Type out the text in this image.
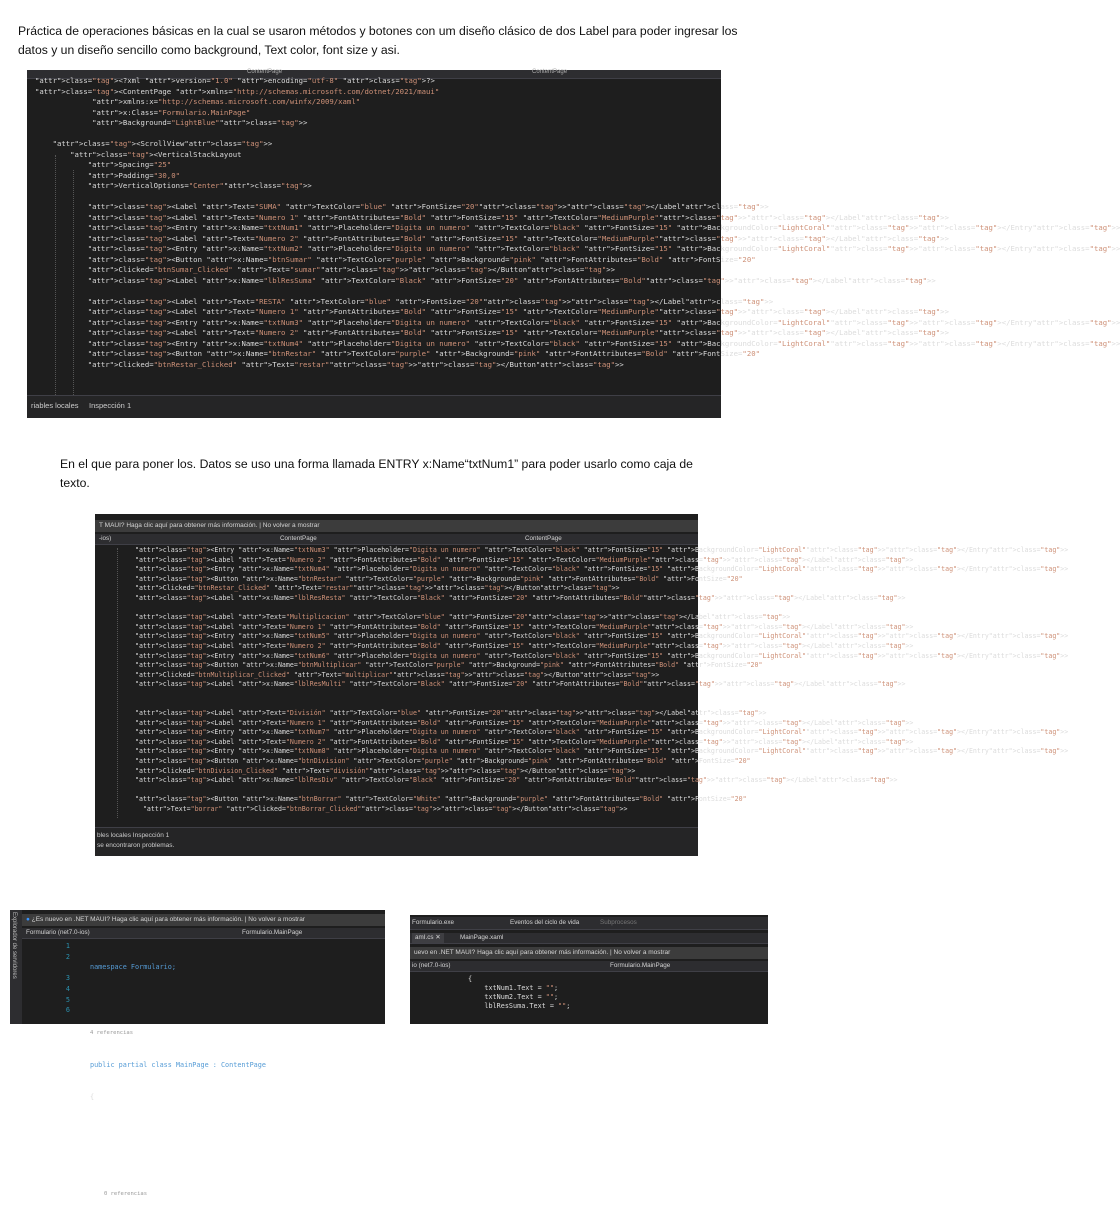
Práctica de operaciones básicas en la cual se usaron métodos y botones con um diseño clásico de dos Label para poder ingresar los datos y un diseño sencillo como background, Text color, font size y asi.

En el que para poner los. Datos se uso una forma llamada ENTRY x:Name“txtNum1” para poder usarlo como caja de texto.

ContentPage	ContentPage
"attr">class="tag"><?xml "attr">version="1.0" "attr">encoding="utf-8" "attr">class="tag">?>
"attr">class="tag"><ContentPage "attr">xmlns="http://schemas.microsoft.com/dotnet/2021/maui"
"attr">xmlns:x="http://schemas.microsoft.com/winfx/2009/xaml"
"attr">x:Class="Formulario.MainPage"
"attr">Background="LightBlue""attr">class="tag">>

"attr">class="tag"><ScrollView"attr">class="tag">>
"attr">class="tag"><VerticalStackLayout
"attr">Spacing="25"
"attr">Padding="30,0"
"attr">VerticalOptions="Center""attr">class="tag">>

"attr">class="tag"><Label "attr">Text="SUMA" "attr">TextColor="blue" "attr">FontSize="20""attr">class="tag">>"attr">class="tag"></Label"attr">class="tag">>
"attr">class="tag"><Label "attr">Text="Numero 1" "attr">FontAttributes="Bold" "attr">FontSize="15" "attr">TextColor="MediumPurple""attr">class="tag">>"attr">class="tag"></Label"attr">class="tag">>
"attr">class="tag"><Entry "attr">x:Name="txtNum1" "attr">Placeholder="Digita un numero" "attr">TextColor="black" "attr">FontSize="15" "attr">BackgroundColor="LightCoral""attr">class="tag">>"attr">class="tag"></Entry"attr">class="tag">>
"attr">class="tag"><Label "attr">Text="Numero 2" "attr">FontAttributes="Bold" "attr">FontSize="15" "attr">TextColor="MediumPurple""attr">class="tag">>"attr">class="tag"></Label"attr">class="tag">>
"attr">class="tag"><Entry "attr">x:Name="txtNum2" "attr">Placeholder="Digita un numero" "attr">TextColor="black" "attr">FontSize="15" "attr">BackgroundColor="LightCoral""attr">class="tag">>"attr">class="tag"></Entry"attr">class="tag">>
"attr">class="tag"><Button "attr">x:Name="btnSumar" "attr">TextColor="purple" "attr">Background="pink" "attr">FontAttributes="Bold" "attr">FontSize="20"
"attr">Clicked="btnSumar_Clicked" "attr">Text="sumar""attr">class="tag">>"attr">class="tag"></Button"attr">class="tag">>
"attr">class="tag"><Label "attr">x:Name="lblResSuma" "attr">TextColor="Black" "attr">FontSize="20" "attr">FontAttributes="Bold""attr">class="tag">>"attr">class="tag"></Label"attr">class="tag">>

"attr">class="tag"><Label "attr">Text="RESTA" "attr">TextColor="blue" "attr">FontSize="20""attr">class="tag">>"attr">class="tag"></Label"attr">class="tag">>
"attr">class="tag"><Label "attr">Text="Numero 1" "attr">FontAttributes="Bold" "attr">FontSize="15" "attr">TextColor="MediumPurple""attr">class="tag">>"attr">class="tag"></Label"attr">class="tag">>
"attr">class="tag"><Entry "attr">x:Name="txtNum3" "attr">Placeholder="Digita un numero" "attr">TextColor="black" "attr">FontSize="15" "attr">BackgroundColor="LightCoral""attr">class="tag">>"attr">class="tag"></Entry"attr">class="tag">>
"attr">class="tag"><Label "attr">Text="Numero 2" "attr">FontAttributes="Bold" "attr">FontSize="15" "attr">TextColor="MediumPurple""attr">class="tag">>"attr">class="tag"></Label"attr">class="tag">>
"attr">class="tag"><Entry "attr">x:Name="txtNum4" "attr">Placeholder="Digita un numero" "attr">TextColor="black" "attr">FontSize="15" "attr">BackgroundColor="LightCoral""attr">class="tag">>"attr">class="tag"></Entry"attr">class="tag">>
"attr">class="tag"><Button "attr">x:Name="btnRestar" "attr">TextColor="purple" "attr">Background="pink" "attr">FontAttributes="Bold" "attr">FontSize="20"
"attr">Clicked="btnRestar_Clicked" "attr">Text="restar""attr">class="tag">>"attr">class="tag"></Button"attr">class="tag">>
riables locales Inspección 1
T MAUI? Haga clic aquí para obtener más información. | No volver a mostrar
-ios)	ContentPage	ContentPage
"attr">class="tag"><Entry "attr">x:Name="txtNum3" "attr">Placeholder="Digita un numero" "attr">TextColor="black" "attr">FontSize="15" "attr">BackgroundColor="LightCoral""attr">class="tag">>"attr">class="tag"></Entry"attr">class="tag">>
"attr">class="tag"><Label "attr">Text="Numero 2" "attr">FontAttributes="Bold" "attr">FontSize="15" "attr">TextColor="MediumPurple""attr">class="tag">>"attr">class="tag"></Label"attr">class="tag">>
"attr">class="tag"><Entry "attr">x:Name="txtNum4" "attr">Placeholder="Digita un numero" "attr">TextColor="black" "attr">FontSize="15" "attr">BackgroundColor="LightCoral""attr">class="tag">>"attr">class="tag"></Entry"attr">class="tag">>
"attr">class="tag"><Button "attr">x:Name="btnRestar" "attr">TextColor="purple" "attr">Background="pink" "attr">FontAttributes="Bold" "attr">FontSize="20"
"attr">Clicked="btnRestar_Clicked" "attr">Text="restar""attr">class="tag">>"attr">class="tag"></Button"attr">class="tag">>
"attr">class="tag"><Label "attr">x:Name="lblResResta" "attr">TextColor="Black" "attr">FontSize="20" "attr">FontAttributes="Bold""attr">class="tag">>"attr">class="tag"></Label"attr">class="tag">>

"attr">class="tag"><Label "attr">Text="Multiplicacion" "attr">TextColor="blue" "attr">FontSize="20""attr">class="tag">>"attr">class="tag"></Label"attr">class="tag">>
"attr">class="tag"><Label "attr">Text="Numero 1" "attr">FontAttributes="Bold" "attr">FontSize="15" "attr">TextColor="MediumPurple""attr">class="tag">>"attr">class="tag"></Label"attr">class="tag">>
"attr">class="tag"><Entry "attr">x:Name="txtNum5" "attr">Placeholder="Digita un numero" "attr">TextColor="black" "attr">FontSize="15" "attr">BackgroundColor="LightCoral""attr">class="tag">>"attr">class="tag"></Entry"attr">class="tag">>
"attr">class="tag"><Label "attr">Text="Numero 2" "attr">FontAttributes="Bold" "attr">FontSize="15" "attr">TextColor="MediumPurple""attr">class="tag">>"attr">class="tag"></Label"attr">class="tag">>
"attr">class="tag"><Entry "attr">x:Name="txtNum6" "attr">Placeholder="Digita un numero" "attr">TextColor="black" "attr">FontSize="15" "attr">BackgroundColor="LightCoral""attr">class="tag">>"attr">class="tag"></Entry"attr">class="tag">>
"attr">class="tag"><Button "attr">x:Name="btnMultiplicar" "attr">TextColor="purple" "attr">Background="pink" "attr">FontAttributes="Bold" "attr">FontSize="20"
"attr">Clicked="btnMultiplicar_Clicked" "attr">Text="multiplicar""attr">class="tag">>"attr">class="tag"></Button"attr">class="tag">>
"attr">class="tag"><Label "attr">x:Name="lblResMulti" "attr">TextColor="Black" "attr">FontSize="20" "attr">FontAttributes="Bold""attr">class="tag">>"attr">class="tag"></Label"attr">class="tag">>

"attr">class="tag"><Label "attr">Text="División" "attr">TextColor="blue" "attr">FontSize="20""attr">class="tag">>"attr">class="tag"></Label"attr">class="tag">>
"attr">class="tag"><Label "attr">Text="Numero 1" "attr">FontAttributes="Bold" "attr">FontSize="15" "attr">TextColor="MediumPurple""attr">class="tag">>"attr">class="tag"></Label"attr">class="tag">>
"attr">class="tag"><Entry "attr">x:Name="txtNum7" "attr">Placeholder="Digita un numero" "attr">TextColor="black" "attr">FontSize="15" "attr">BackgroundColor="LightCoral""attr">class="tag">>"attr">class="tag"></Entry"attr">class="tag">>
"attr">class="tag"><Label "attr">Text="Numero 2" "attr">FontAttributes="Bold" "attr">FontSize="15" "attr">TextColor="MediumPurple""attr">class="tag">>"attr">class="tag"></Label"attr">class="tag">>
"attr">class="tag"><Entry "attr">x:Name="txtNum8" "attr">Placeholder="Digita un numero" "attr">TextColor="black" "attr">FontSize="15" "attr">BackgroundColor="LightCoral""attr">class="tag">>"attr">class="tag"></Entry"attr">class="tag">>
"attr">class="tag"><Button "attr">x:Name="btnDivision" "attr">TextColor="purple" "attr">Background="pink" "attr">FontAttributes="Bold" "attr">FontSize="20"
"attr">Clicked="btnDivision_Clicked" "attr">Text="división""attr">class="tag">>"attr">class="tag"></Button"attr">class="tag">>
"attr">class="tag"><Label "attr">x:Name="lblResDiv" "attr">TextColor="Black" "attr">FontSize="20" "attr">FontAttributes="Bold""attr">class="tag">>"attr">class="tag"></Label"attr">class="tag">>

"attr">class="tag"><Button "attr">x:Name="btnBorrar" "attr">TextColor="White" "attr">Background="purple" "attr">FontAttributes="Bold" "attr">FontSize="20"
"attr">Text="borrar" "attr">Clicked="btnBorrar_Clicked""attr">class="tag">>"attr">class="tag"></Button"attr">class="tag">>
bles locales Inspección 1
se encontraron problemas.
Explorador de servidores	● ¿Es nuevo en .NET MAUI? Haga clic aquí para obtener más información. | No volver a mostrar
Formulario (net7.0-ios)	Formulario.MainPage
1
2

3
4
5
6

namespace Formulario;

4 referencias

public partial class MainPage : ContentPage

{

0 referencias

Formulario.exe	Eventos del ciclo de vida	Subprocesos
amI.cs ✕	MainPage.xaml
uevo en .NET MAUI? Haga clic aquí para obtener más información. | No volver a mostrar
io (net7.0-ios)	Formulario.MainPage
{
txtNum1.Text = "";
txtNum2.Text = "";
lblResSuma.Text = "";
